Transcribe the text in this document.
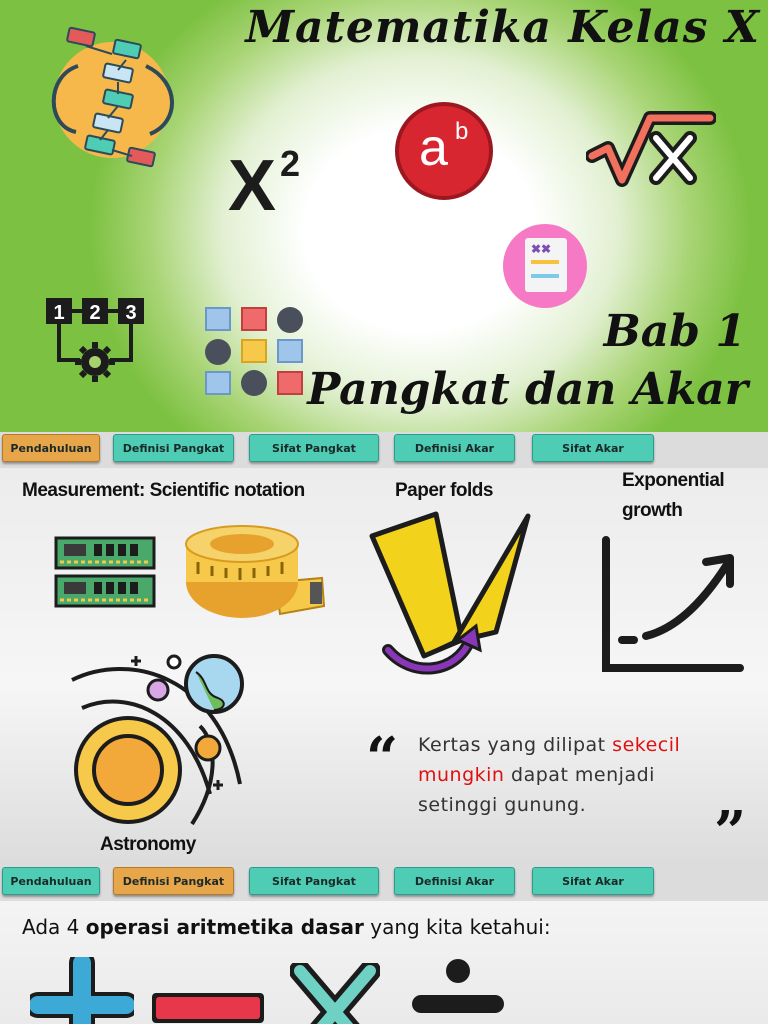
Matematika Kelas X
X $^2$ a b
✖✖
1 2 3	Bab 1
Pangkat dan Akar
Pendahuluan	Definisi Pangkat	Sifat Pangkat	Definisi Akar	Sifat Akar
Measurement: Scientific notation	Paper folds	Exponential
growth
Astronomy
“ Kertas yang dilipat sekecil mungkin dapat menjadi setinggi gunung.	”
Pendahuluan	Definisi Pangkat	Sifat Pangkat	Definisi Akar	Sifat Akar
Ada 4 operasi aritmetika dasar yang kita ketahui:
